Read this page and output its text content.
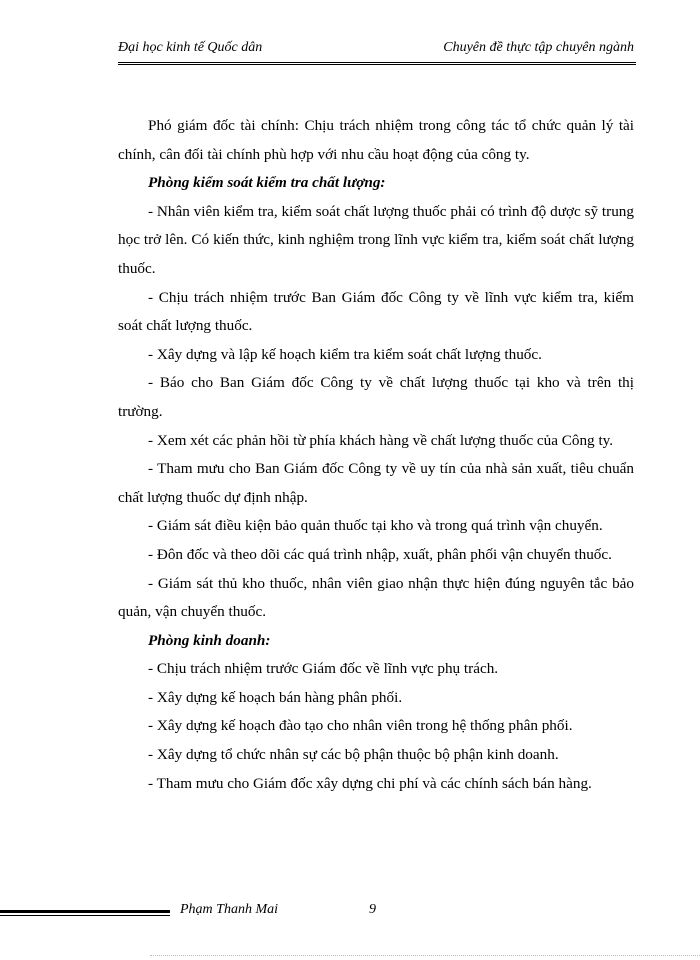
Đại học kinh tế Quốc dân	Chuyên đề thực tập chuyên ngành

Phó giám đốc tài chính: Chịu trách nhiệm trong công tác tổ chức quản lý tài chính, cân đối tài chính phù hợp với nhu cầu hoạt động của công ty.

Phòng kiểm soát kiểm tra chất lượng:

- Nhân viên kiểm tra, kiểm soát chất lượng thuốc phải có trình độ dược sỹ trung học trở lên. Có kiến thức, kinh nghiệm trong lĩnh vực kiểm tra, kiểm soát chất lượng thuốc.

- Chịu trách nhiệm trước Ban Giám đốc Công ty về lĩnh vực kiểm tra, kiểm soát chất lượng thuốc.

- Xây dựng và lập kế hoạch kiểm tra kiểm soát chất lượng thuốc.

- Báo cho Ban Giám đốc Công ty về chất lượng thuốc tại kho và trên thị trường.

- Xem xét các phản hồi từ phía khách hàng về chất lượng thuốc của Công ty.

- Tham mưu cho Ban Giám đốc Công ty về uy tín của nhà sản xuất, tiêu chuẩn chất lượng thuốc dự định nhập.

- Giám sát điều kiện bảo quản thuốc tại kho và trong quá trình vận chuyển.

- Đôn đốc và theo dõi các quá trình nhập, xuất, phân phối vận chuyển thuốc.

- Giám sát thủ kho thuốc, nhân viên giao nhận thực hiện đúng nguyên tắc bảo quản, vận chuyển thuốc.

Phòng kinh doanh:

- Chịu trách nhiệm trước Giám đốc về lĩnh vực phụ trách.

- Xây dựng kế hoạch bán hàng phân phối.

- Xây dựng kế hoạch đào tạo cho nhân viên trong hệ thống phân phối.

- Xây dựng tổ chức nhân sự các bộ phận thuộc bộ phận kinh doanh.

- Tham mưu cho Giám đốc xây dựng chi phí và các chính sách bán hàng.

Phạm Thanh Mai	9
